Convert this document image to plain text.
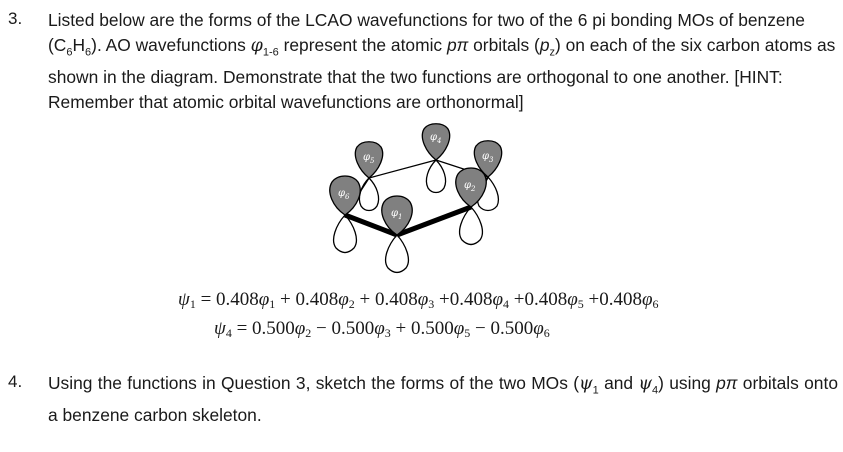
3. Listed below are the forms of the LCAO wavefunctions for two of the 6 pi bonding MOs of benzene $(C_6H_6)$. AO wavefunctions $\varphi_{1-6}$ represent the atomic pπ orbitals $(p_z)$ on each of the six carbon atoms as shown in the diagram. Demonstrate that the two functions are orthogonal to one another. [HINT: Remember that atomic orbital wavefunctions are orthonormal]
$\varphi_4$
$\varphi_5$	$\varphi_3$
$\varphi_6$
$\varphi_2$
$\varphi_1$
$\psi_1 = 0.408\varphi_1 + 0.408\varphi_2 + 0.408\varphi_3 +0.408\varphi_4 +0.408\varphi_5 +0.408\varphi_6$
$\psi_4 = 0.500\varphi_2 - 0.500\varphi_3 + 0.500\varphi_5 - 0.500\varphi_6$
4. Using the functions in Question 3, sketch the forms of the two MOs ($\psi_1$ and $\psi_4$) using pπ orbitals onto a benzene carbon skeleton.
